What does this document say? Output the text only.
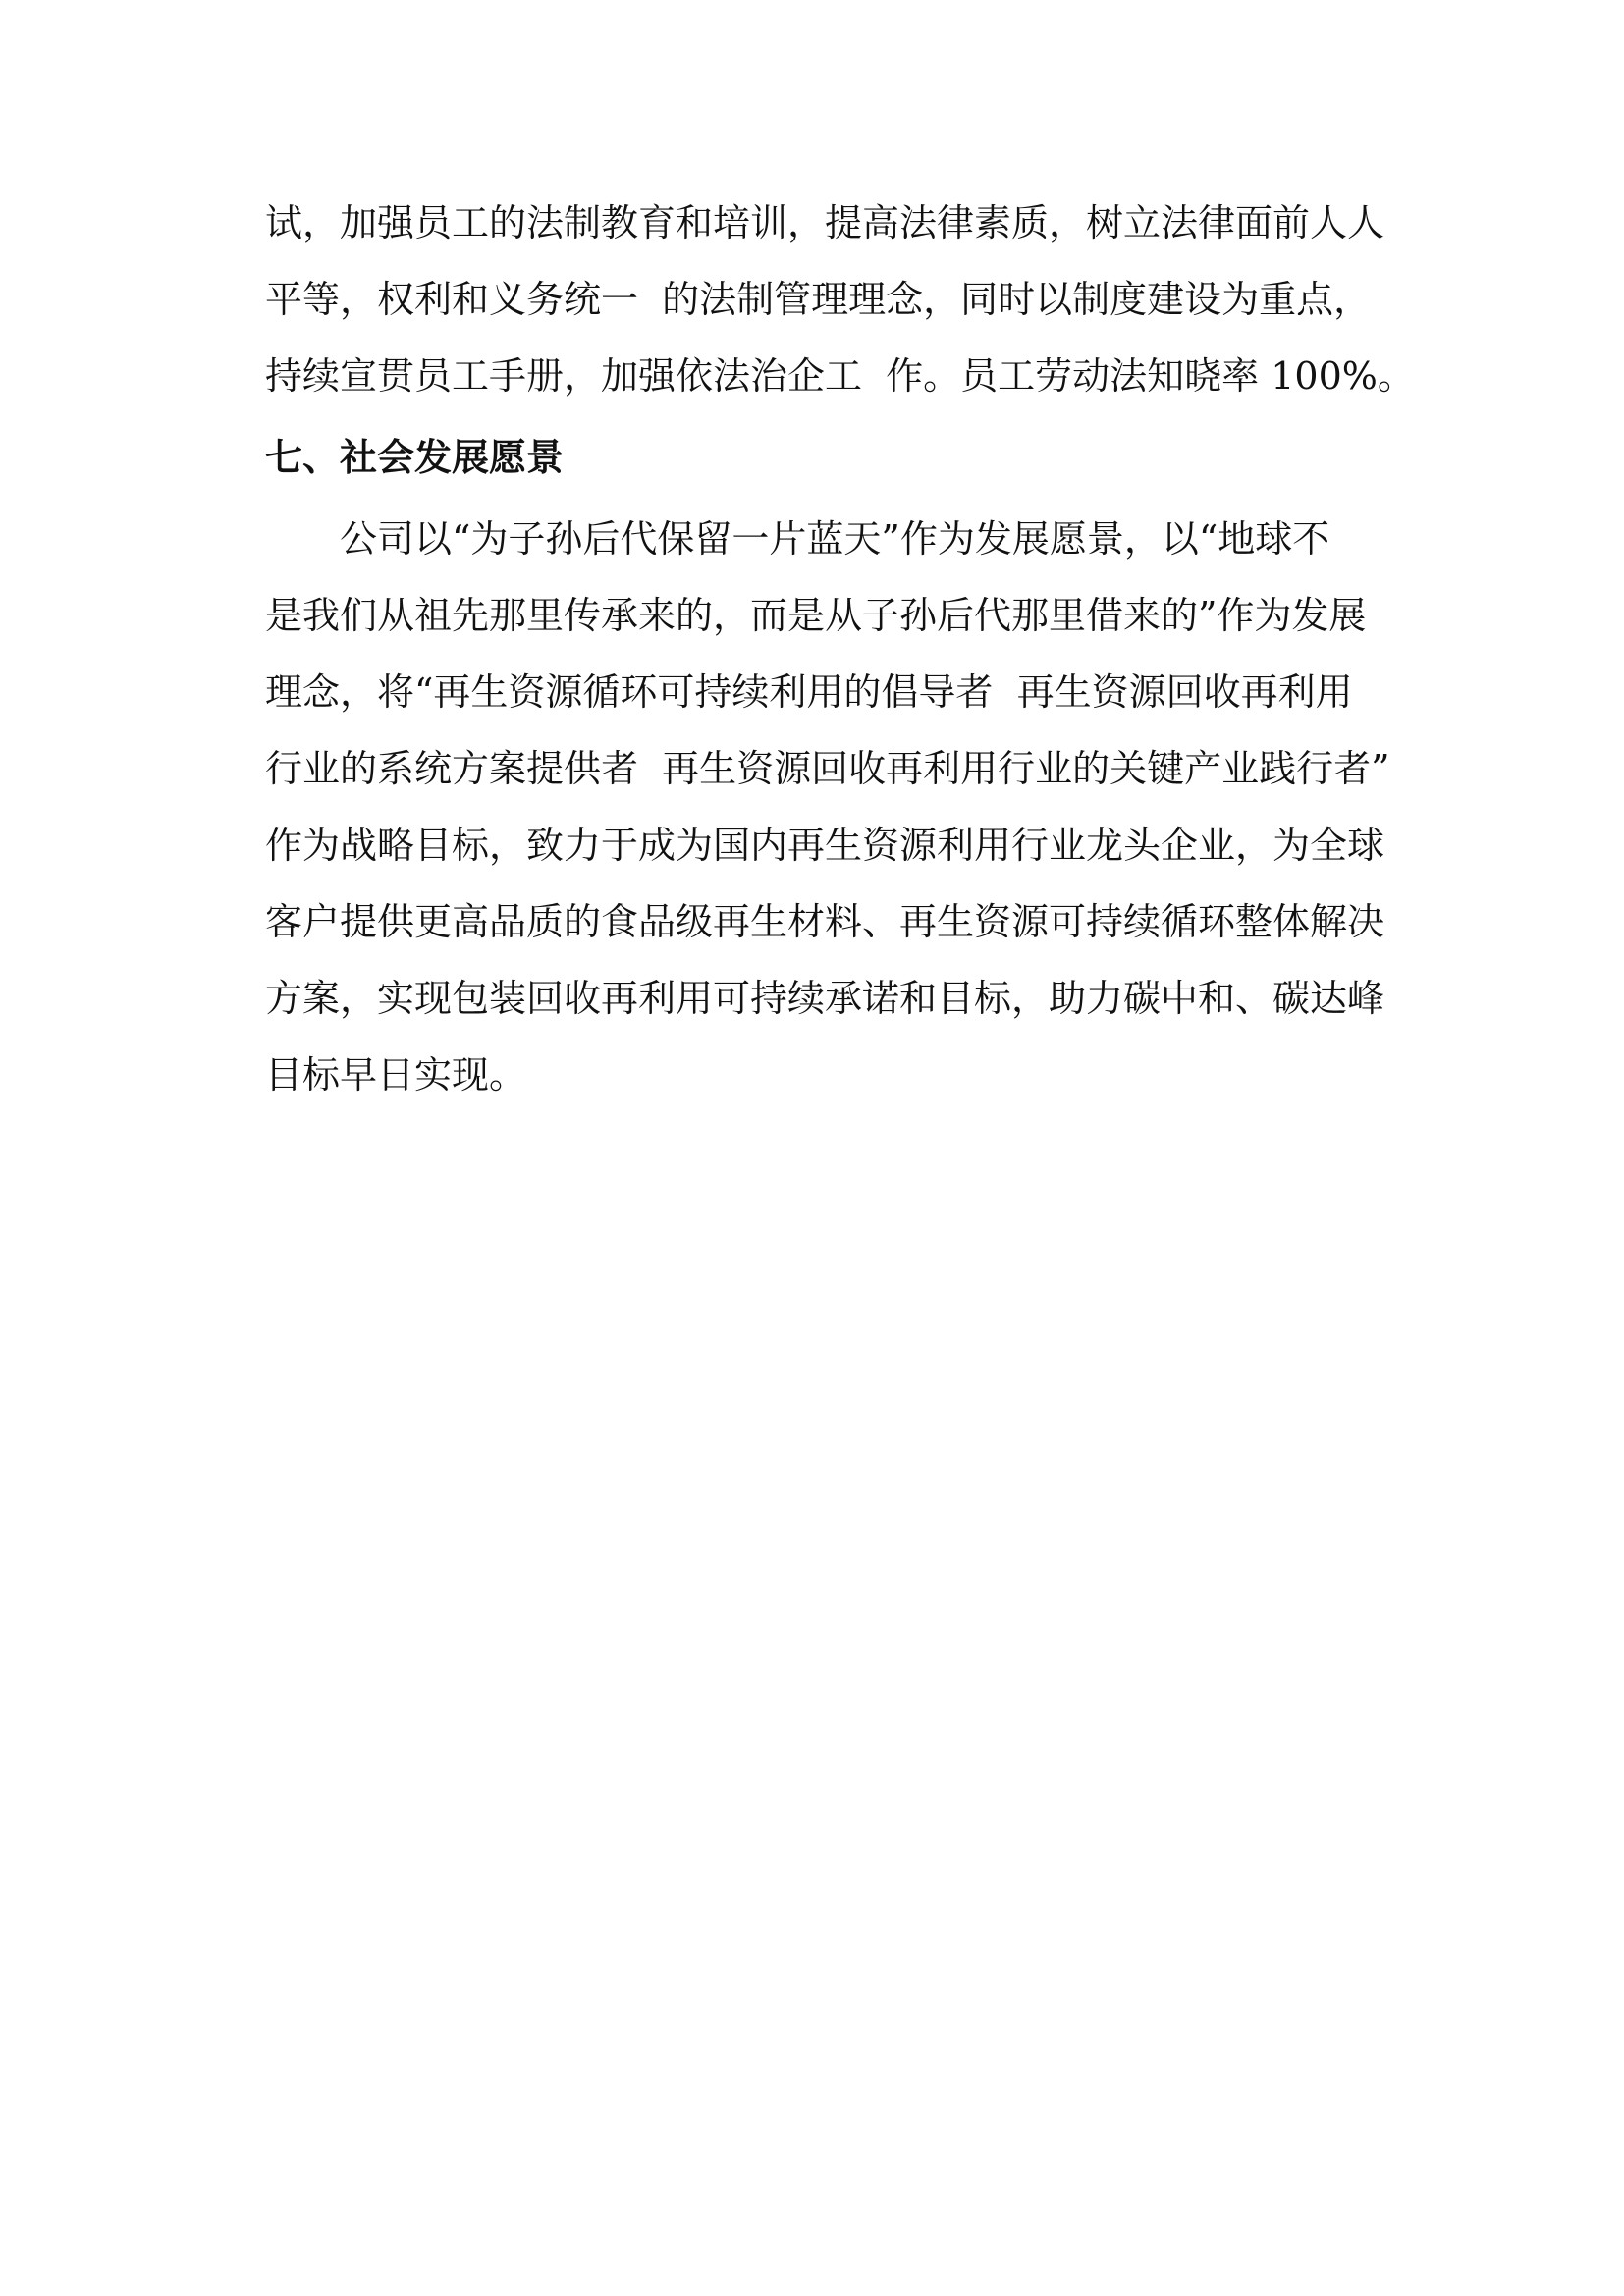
试，加强员工的法制教育和培训，提高法律素质，树立法律面前人人
平等，权利和义务统一  的法制管理理念，同时以制度建设为重点，
持续宣贯员工手册，加强依法治企工  作。员工劳动法知晓率 100%。
七、社会发展愿景
公司以“为子孙后代保留一片蓝天”作为发展愿景，以“地球不
是我们从祖先那里传承来的，而是从子孙后代那里借来的”作为发展
理念，将“再生资源循环可持续利用的倡导者  再生资源回收再利用
行业的系统方案提供者  再生资源回收再利用行业的关键产业践行者”
作为战略目标，致力于成为国内再生资源利用行业龙头企业，为全球
客户提供更高品质的食品级再生材料、再生资源可持续循环整体解决
方案，实现包装回收再利用可持续承诺和目标，助力碳中和、碳达峰
目标早日实现。
